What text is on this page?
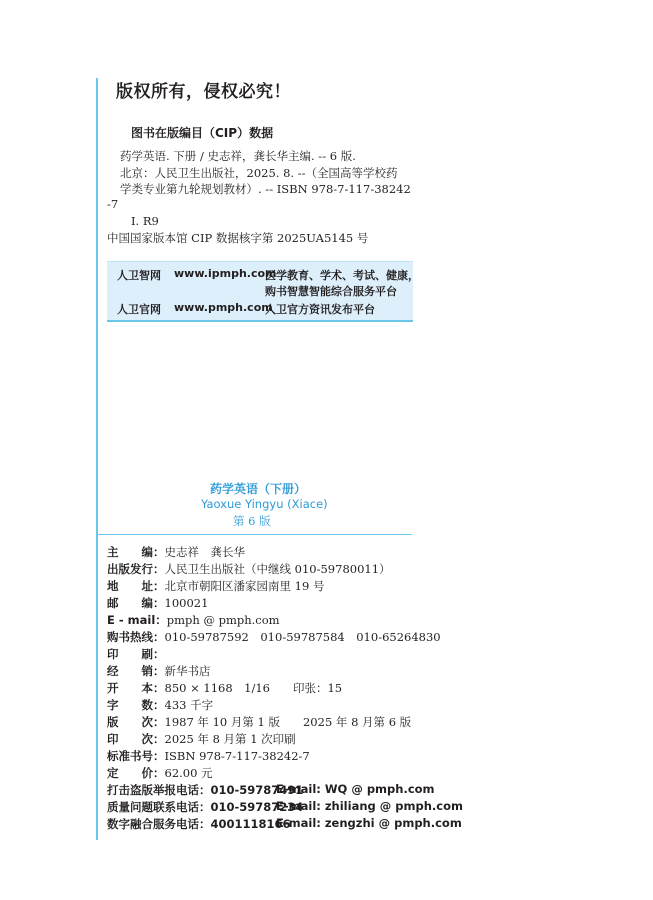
版权所有，侵权必究！
图书在版编目（CIP）数据
药学英语. 下册 / 史志祥，龚长华主编. -- 6 版.
北京：人民卫生出版社，2025. 8. --（全国高等学校药
学类专业第九轮规划教材）. -- ISBN 978-7-117-38242
-7
Ⅰ. R9
中国国家版本馆 CIP 数据核字第 2025UA5145 号
人卫智网 www.ipmph.com
医学教育、学术、考试、健康，
购书智慧智能综合服务平台
人卫官网 www.pmph.com
人卫官方资讯发布平台
药学英语（下册）
Yaoxue Yingyu (Xiace)
第 6 版
主　　编：史志祥　龚长华
出版发行：人民卫生出版社（中继线 010-59780011）
地　　址：北京市朝阳区潘家园南里 19 号
邮　　编：100021
E - mail：pmph @ pmph.com
购书热线：010-59787592　010-59787584　010-65264830
印　　刷：
经　　销：新华书店
开　　本：850 × 1168　1/16　　印张：15
字　　数：433 千字
版　　次：1987 年 10 月第 1 版　　2025 年 8 月第 6 版
印　　次：2025 年 8 月第 1 次印刷
标准书号：ISBN 978-7-117-38242-7
定　　价：62.00 元
打击盗版举报电话：010-59787491
E-mail: WQ @ pmph.com
质量问题联系电话：010-59787234
E-mail: zhiliang @ pmph.com
数字融合服务电话：4001118166
E-mail: zengzhi @ pmph.com
